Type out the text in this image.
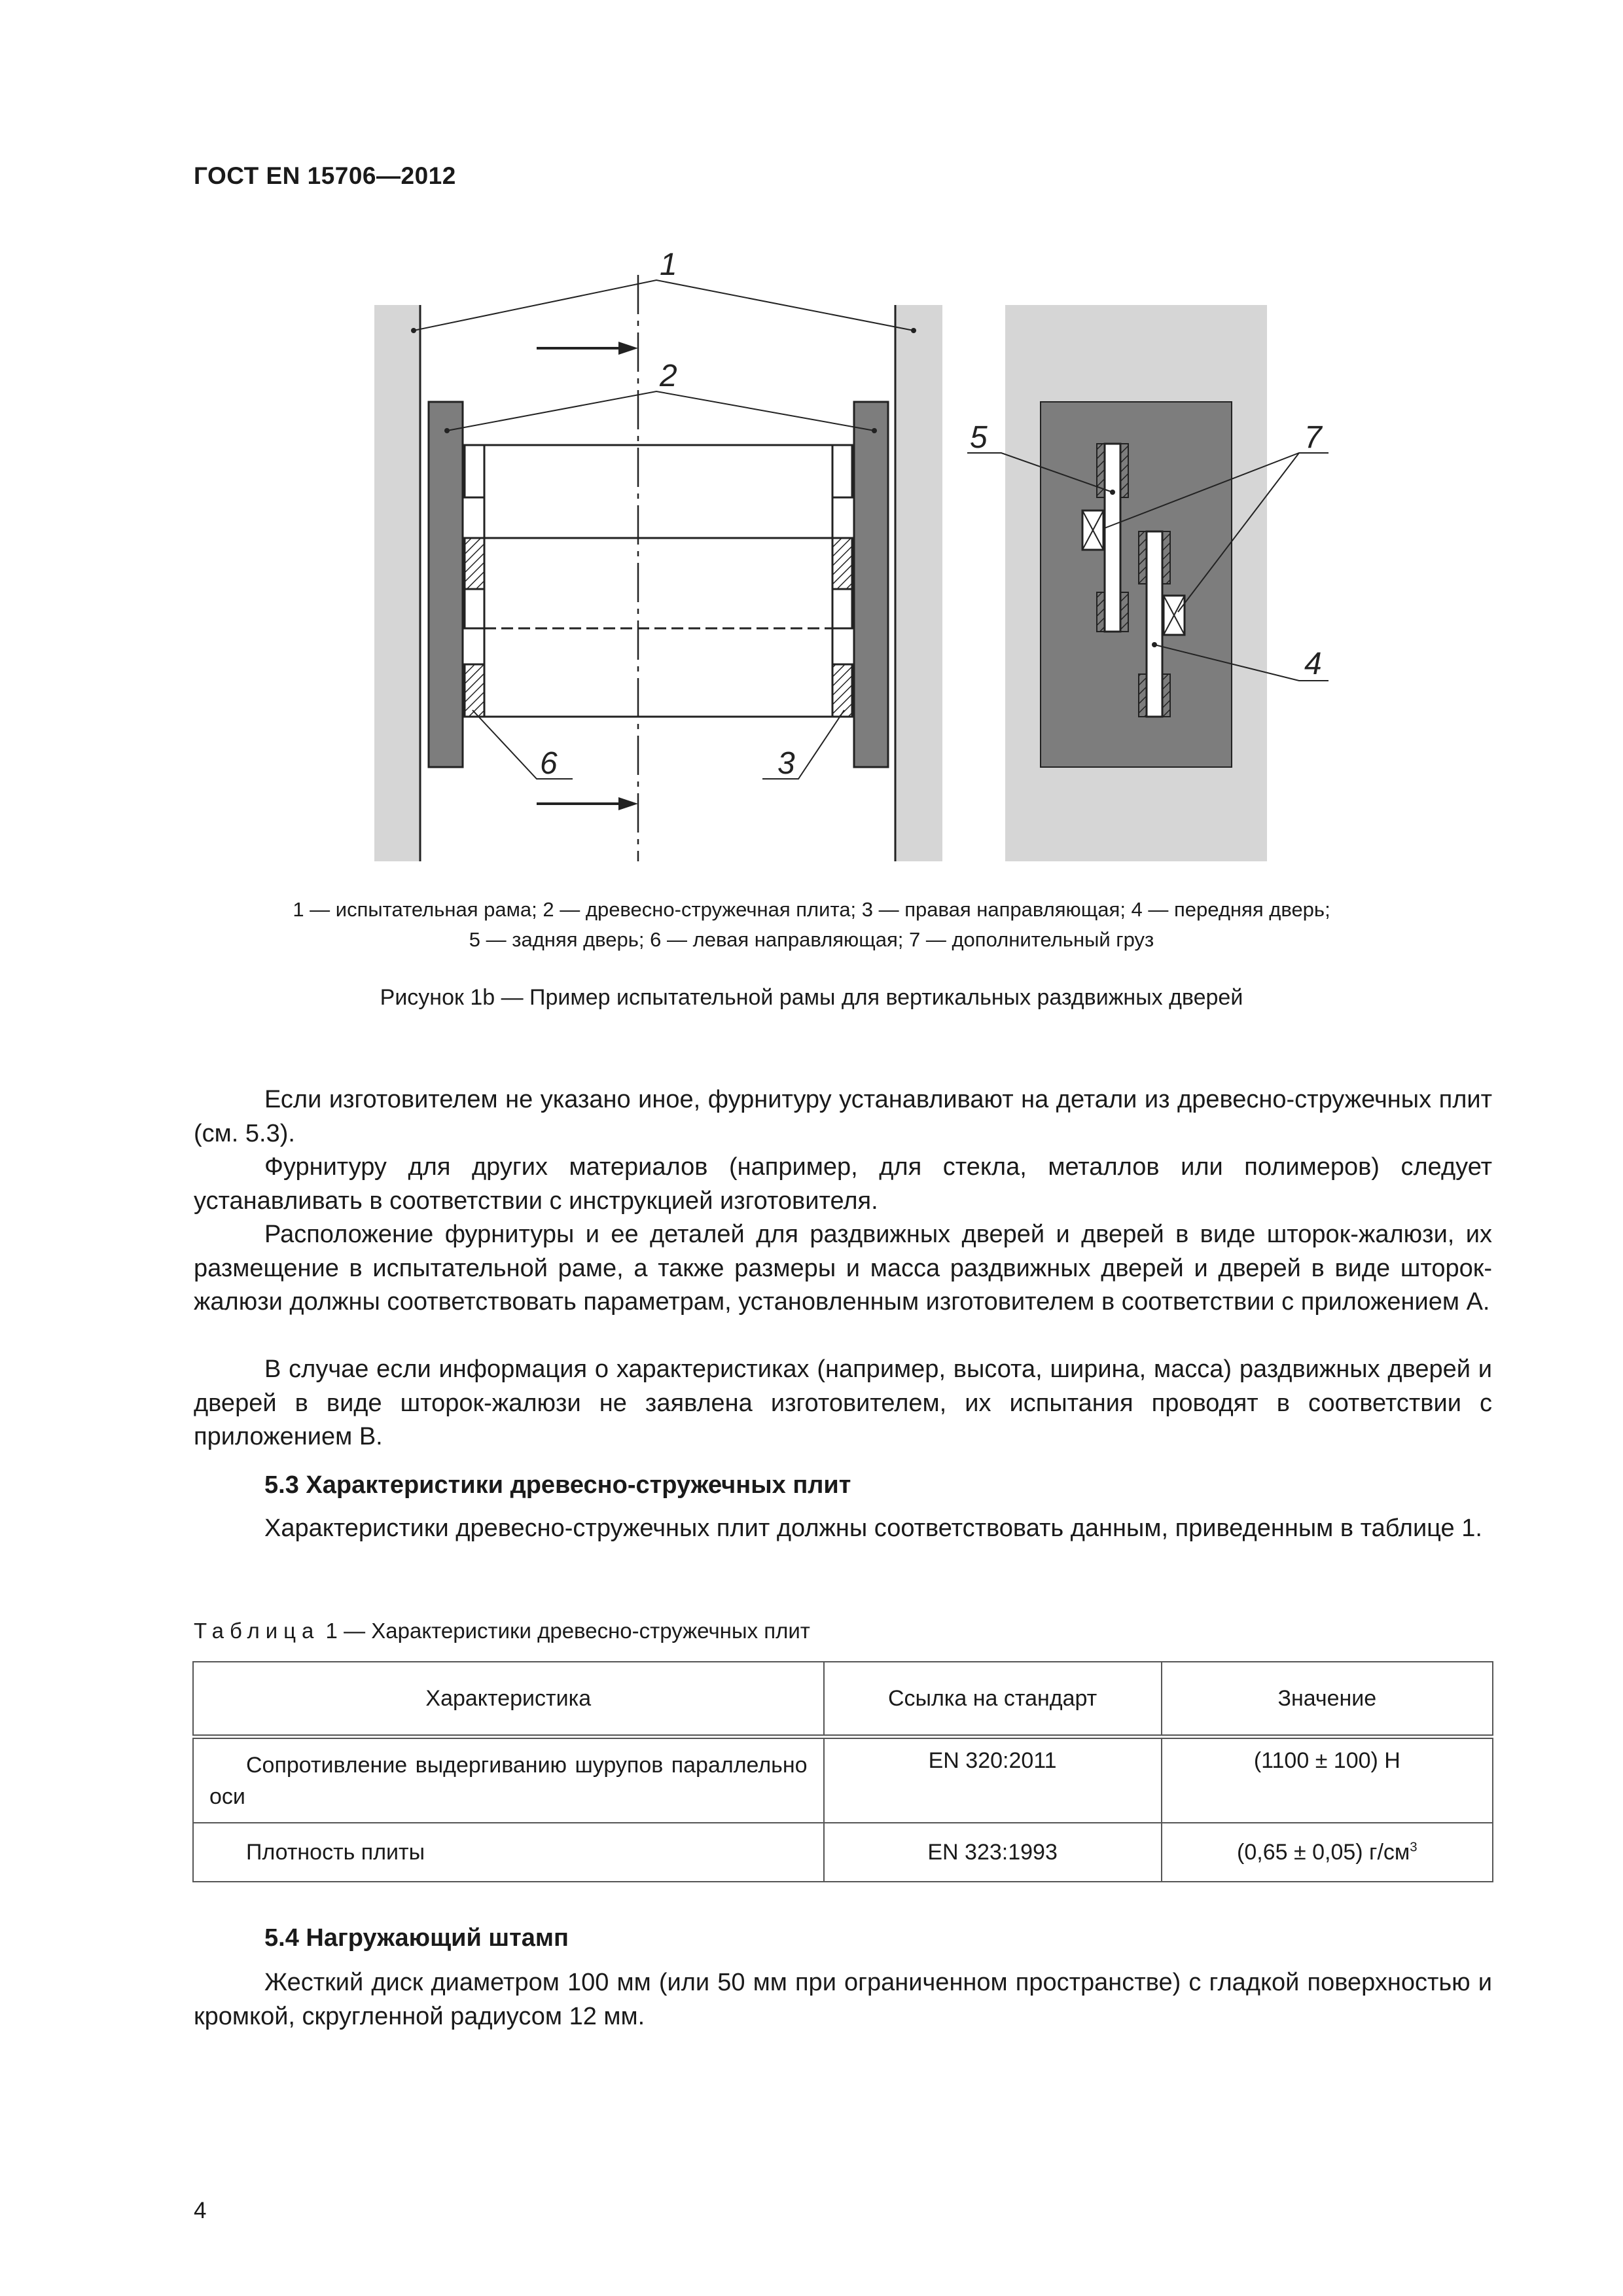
ГОСТ EN 15706—2012
1
2
3
4
5
6
7
1 — испытательная рама; 2 — древесно-стружечная плита; 3 — правая направляющая; 4 — передняя дверь;
5 — задняя дверь; 6 — левая направляющая; 7 — дополнительный груз
Рисунок 1b — Пример испытательной рамы для вертикальных раздвижных дверей

Если изготовителем не указано иное, фурнитуру устанавливают на детали из древесно-стружечных плит (см. 5.3).

Фурнитуру для других материалов (например, для стекла, металлов или полимеров) следует устанавливать в соответствии с инструкцией изготовителя.

Расположение фурнитуры и ее деталей для раздвижных дверей и дверей в виде шторок-жалюзи, их размещение в испытательной раме, а также размеры и масса раздвижных дверей и дверей в виде шторок-жалюзи должны соответствовать параметрам, установленным изготовителем в соответствии с приложением А.

В случае если информация о характеристиках (например, высота, ширина, масса) раздвижных дверей и дверей в виде шторок-жалюзи не заявлена изготовителем, их испытания проводят в соответствии с приложением В.

5.3 Характеристики древесно-стружечных плит

Характеристики древесно-стружечных плит должны соответствовать данным, приведенным в таблице 1.

Таблица 1 — Характеристики древесно-стружечных плит
Характеристика	Ссылка на стандарт	Значение
Сопротивление выдергиванию шурупов параллельно оси	EN 320:2011	(1100 ± 100) Н
Плотность плиты	EN 323:1993	(0,65 ± 0,05) $г/см^3$
5.4 Нагружающий штамп

Жесткий диск диаметром 100 мм (или 50 мм при ограниченном пространстве) с гладкой поверхностью и кромкой, скругленной радиусом 12 мм.

4
